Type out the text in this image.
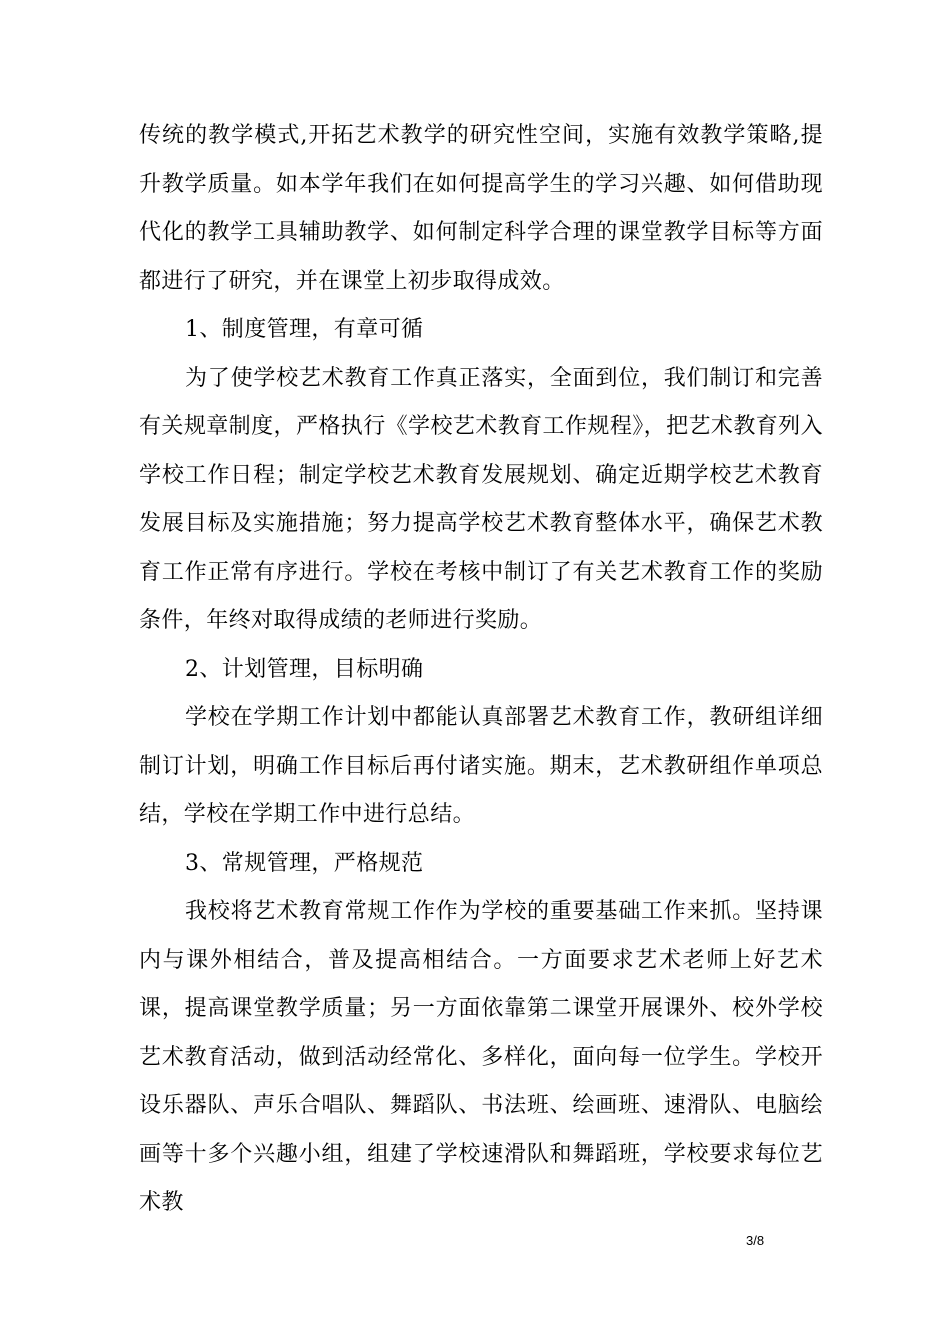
传统的教学模式,开拓艺术教学的研究性空间，实施有效教学策略,提升教学质量。如本学年我们在如何提高学生的学习兴趣、如何借助现代化的教学工具辅助教学、如何制定科学合理的课堂教学目标等方面都进行了研究，并在课堂上初步取得成效。

1、制度管理，有章可循

为了使学校艺术教育工作真正落实，全面到位，我们制订和完善有关规章制度，严格执行《学校艺术教育工作规程》，把艺术教育列入学校工作日程；制定学校艺术教育发展规划、确定近期学校艺术教育发展目标及实施措施；努力提高学校艺术教育整体水平，确保艺术教育工作正常有序进行。学校在考核中制订了有关艺术教育工作的奖励条件，年终对取得成绩的老师进行奖励。

2、计划管理，目标明确

学校在学期工作计划中都能认真部署艺术教育工作，教研组详细制订计划，明确工作目标后再付诸实施。期末，艺术教研组作单项总结，学校在学期工作中进行总结。

3、常规管理，严格规范

我校将艺术教育常规工作作为学校的重要基础工作来抓。坚持课内与课外相结合，普及提高相结合。一方面要求艺术老师上好艺术课，提高课堂教学质量；另一方面依靠第二课堂开展课外、校外学校艺术教育活动，做到活动经常化、多样化，面向每一位学生。学校开设乐器队、声乐合唱队、舞蹈队、书法班、绘画班、速滑队、电脑绘画等十多个兴趣小组，组建了学校速滑队和舞蹈班，学校要求每位艺术教

3/8
